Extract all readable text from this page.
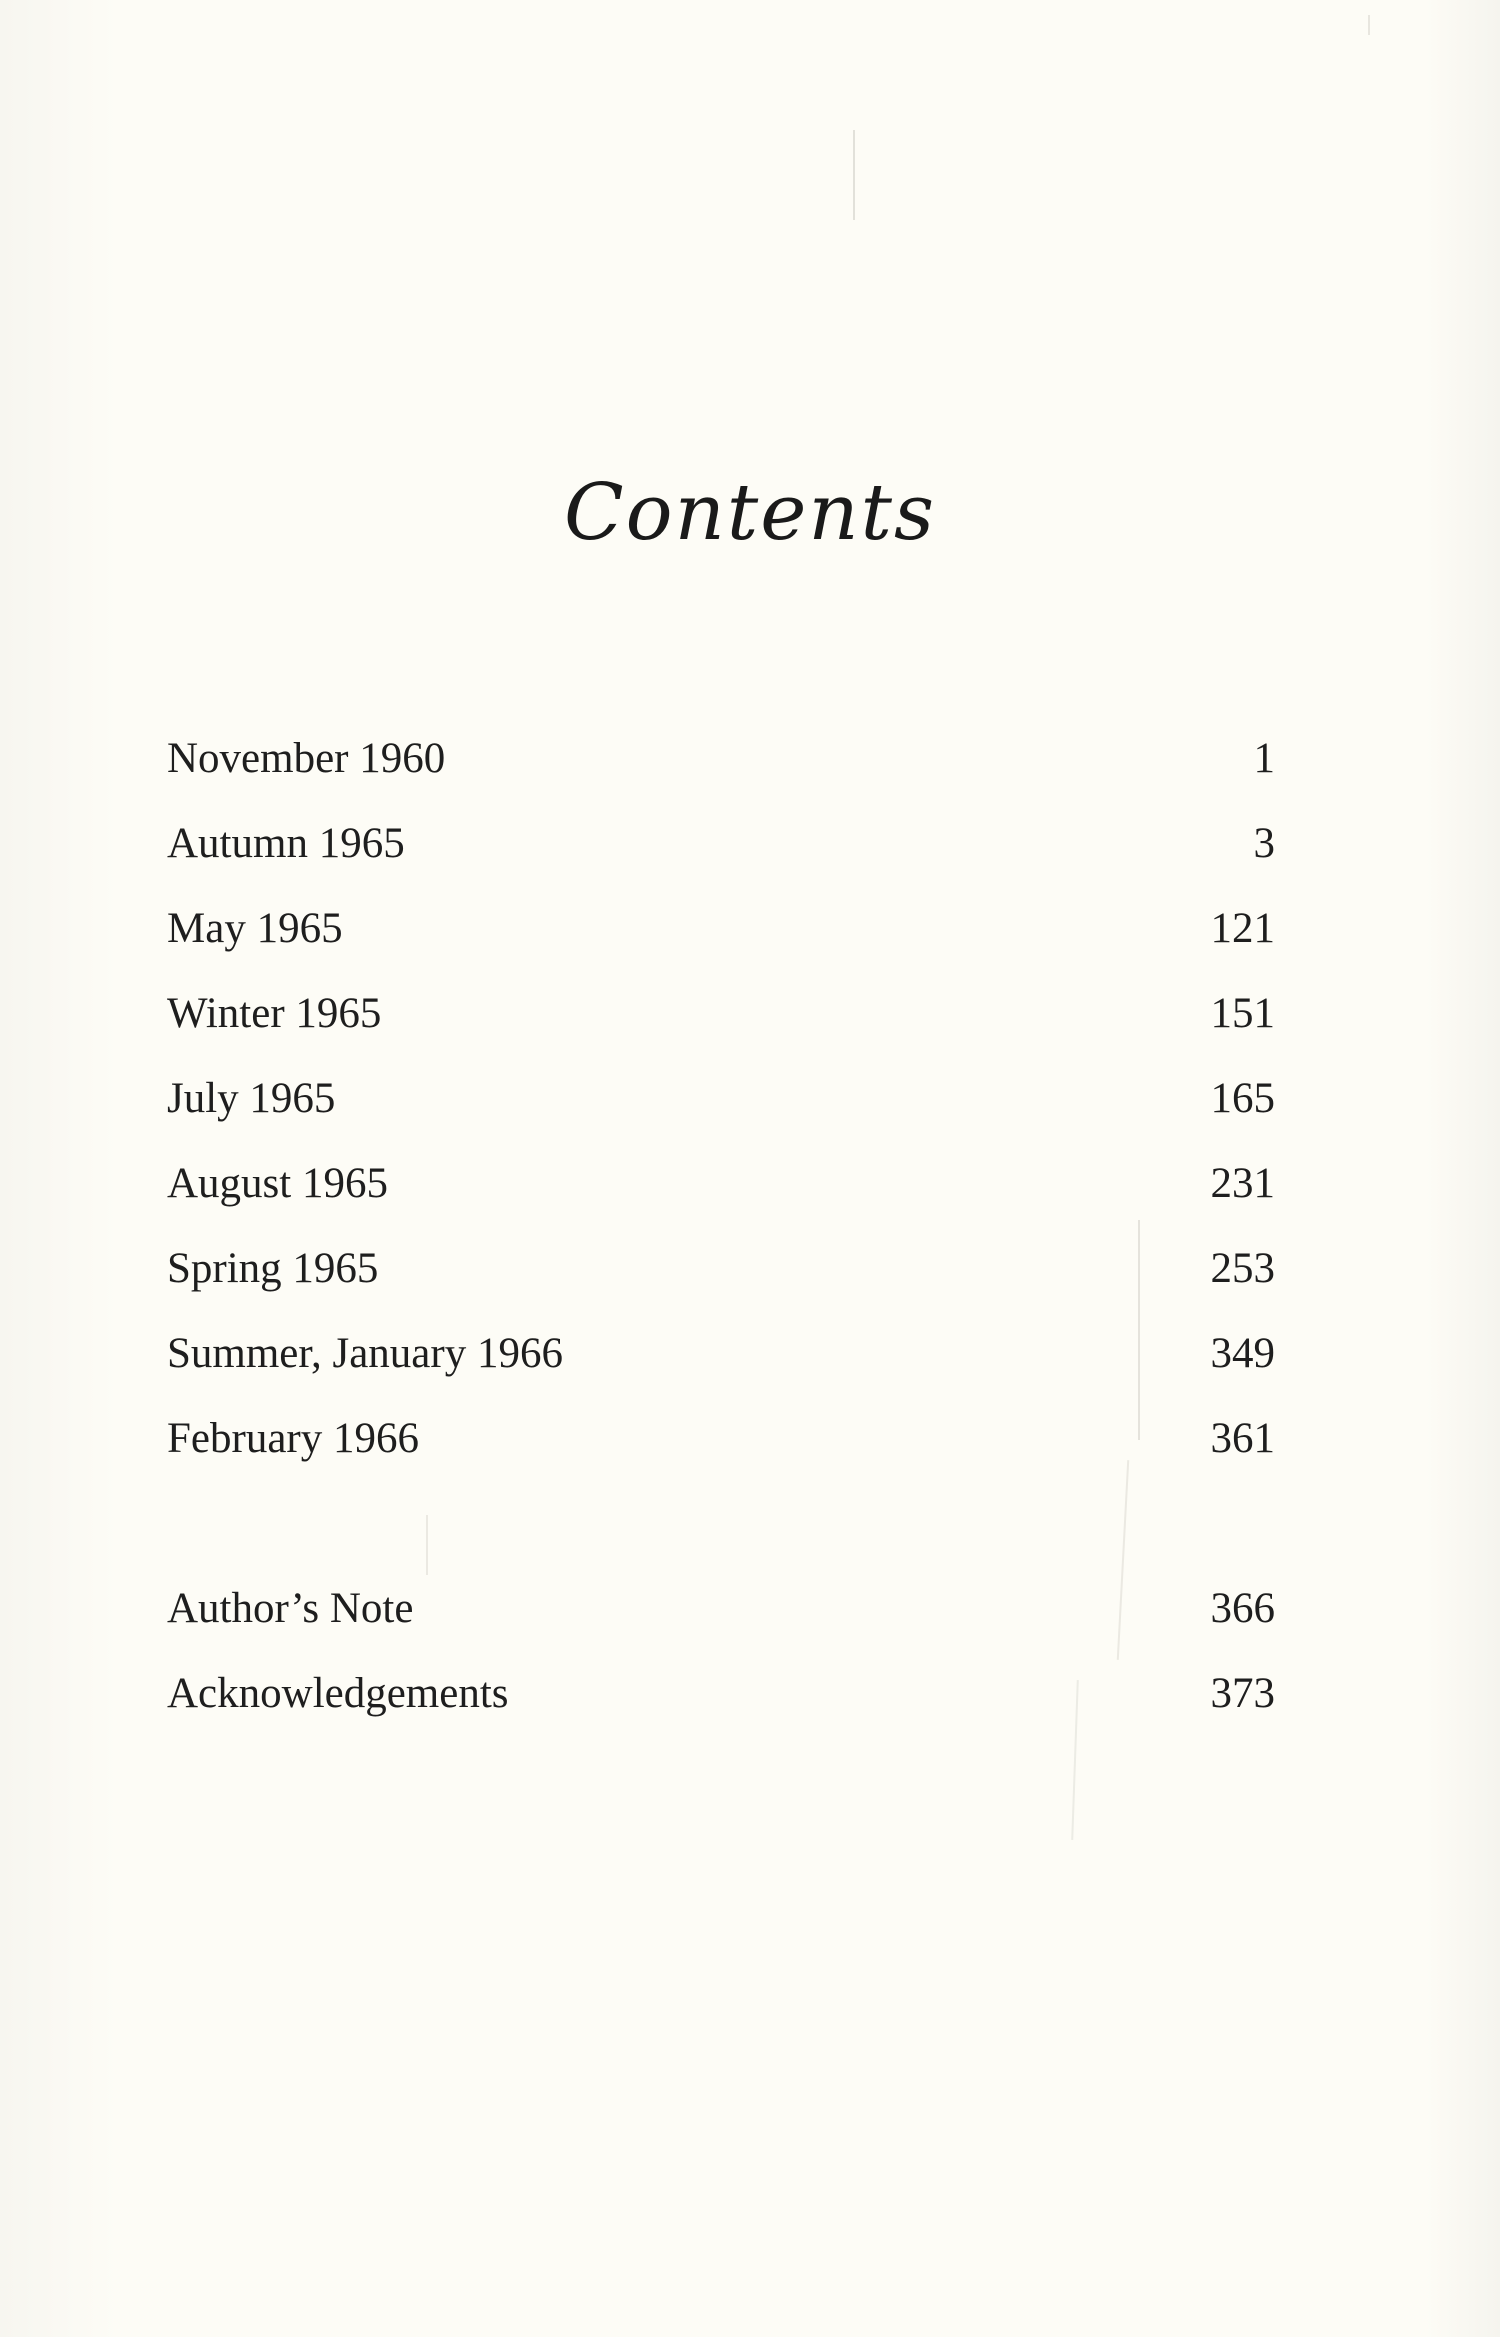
Contents
November 1960	1
Autumn 1965	3
May 1965	121
Winter 1965	151
July 1965	165
August 1965	231
Spring 1965	253
Summer, January 1966	349
February 1966	361
Author’s Note	366
Acknowledgements	373
